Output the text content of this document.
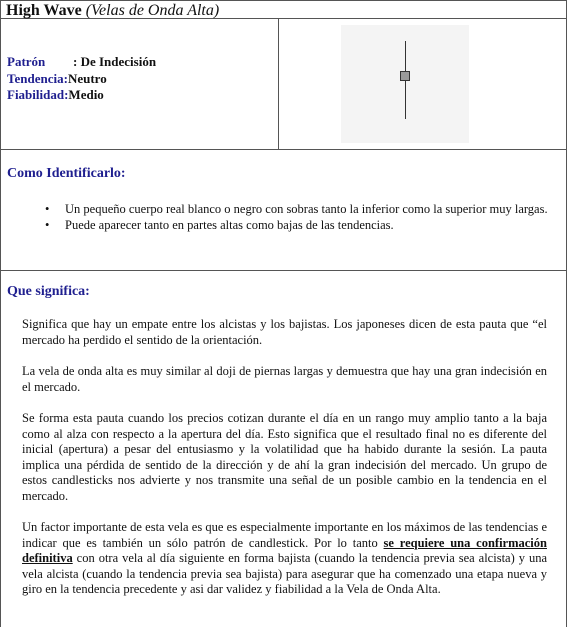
High Wave (Velas de Onda Alta)
Patrón : De Indecisión
Tendencia:Neutro
Fiabilidad:Medio
Como Identificarlo:
• Un pequeño cuerpo real blanco o negro con sobras tanto la inferior como la superior muy largas.
• Puede aparecer tanto en partes altas como bajas de las tendencias.
Que significa:

Significa que hay un empate entre los alcistas y los bajistas. Los japoneses dicen de esta pauta que “el mercado ha perdido el sentido de la orientación.

La vela de onda alta es muy similar al doji de piernas largas y demuestra que hay una gran indecisión en el mercado.

Se forma esta pauta cuando los precios cotizan durante el día en un rango muy amplio tanto a la baja como al alza con respecto a la apertura del día. Esto significa que el resultado final no es diferente del inicial (apertura) a pesar del entusiasmo y la volatilidad que ha habido durante la sesión. La pauta implica una pérdida de sentido de la dirección y de ahí la gran indecisión del mercado. Un grupo de estos candlesticks nos advierte y nos transmite una señal de un posible cambio en la tendencia en el mercado.

Un factor importante de esta vela es que es especialmente importante en los máximos de las tendencias e indicar que es también un sólo patrón de candlestick. Por lo tanto se requiere una confirmación definitiva con otra vela al día siguiente en forma bajista (cuando la tendencia previa sea alcista) y una vela alcista (cuando la tendencia previa sea bajista) para asegurar que ha comenzado una etapa nueva y giro en la tendencia precedente y asi dar validez y fiabilidad a la Vela de Onda Alta.
